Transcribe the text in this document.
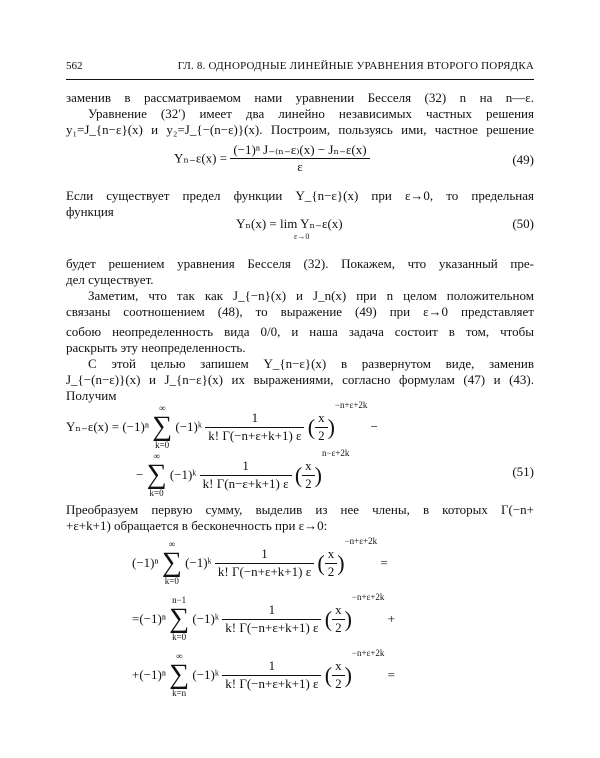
562	ГЛ. 8. ОДНОРОДНЫЕ ЛИНЕЙНЫЕ УРАВНЕНИЯ ВТОРОГО ПОРЯДКА
заменив в рассматриваемом нами уравнении Бесселя (32) n на n—ε.
Уравнение (32′) имеет два линейно независимых частных решения
y₁=J_{n−ε}(x) и y₂=J_{−(n−ε)}(x). Построим, пользуясь ими, частное решение
$Y_{n-}\varepsilon(x) = \frac{\text{(−1)ⁿ J₋₍ₙ₋ε₎(x) − Jₙ₋ε(x)}}{\varepsilon}$	(49)
Если существует предел функции Y_{n−ε}(x) при ε→0, то предельная
функция
Yₙ(x) = lim Yₙ₋ε(x)
ε→0
(50)
будет решением уравнения Бесселя (32). Покажем, что указанный пре-
дел существует.
Заметим, что так как J_{−n}(x) и J_n(x) при n целом положительном
связаны соотношением (48), то выражение (49) при ε→0 представляет
собою неопределенность вида 0/0, и наша задача состоит в том, чтобы
раскрыть эту неопределенность.
С этой целью запишем Y_{n−ε}(x) в развернутом виде, заменив
J_{−(n−ε)}(x) и J_{n−ε}(x) их выражениями, согласно формулам (47) и (43).
Получим
Yₙ₋ε(x) = (−1)ⁿ
∞
∑
k=0
(−1)ᵏ $\frac{1}{k! \Gamma(-n+\varepsilon+k+1) \varepsilon}$ ( $\frac{x}{2} )^{-n+\varepsilon+2k}$ −
−
∞
∑
k=0
(−1)ᵏ $\frac{1}{k! \Gamma(n-\varepsilon+k+1) \varepsilon}$ ( $\frac{x}{2} )^{n-\varepsilon+2k}$
(51)
Преобразуем первую сумму, выделив из нее члены, в которых Γ(−n+
+ε+k+1) обращается в бесконечность при ε→0:
(−1)ⁿ
∞
∑
k=0
(−1)ᵏ $\frac{1}{k! \Gamma(-n+\varepsilon+k+1) \varepsilon}$ ( $\frac{x}{2} )^{-n+\varepsilon+2k}$ =
=(−1)ⁿ
n−1
∑
k=0
(−1)ᵏ $\frac{1}{k! \Gamma(-n+\varepsilon+k+1) \varepsilon}$ ( $\frac{x}{2} )^{-n+\varepsilon+2k}$ +
+(−1)ⁿ
∞
∑
k=n
(−1)ᵏ $\frac{1}{k! \Gamma(-n+\varepsilon+k+1) \varepsilon}$ ( $\frac{x}{2} )^{-n+\varepsilon+2k}$ =
